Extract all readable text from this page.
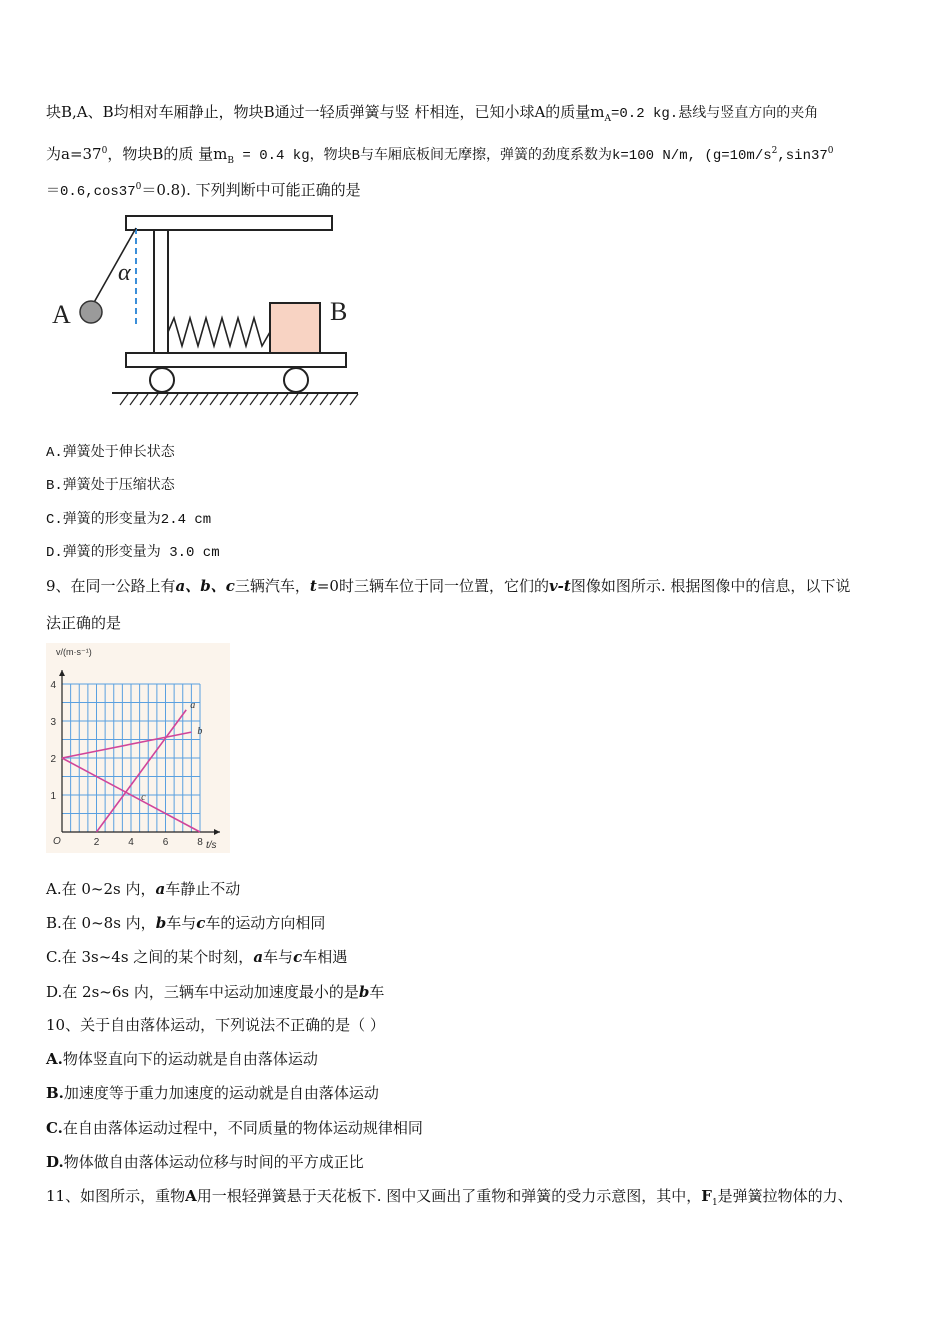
块B,A、B均相对车厢静止，物块B通过一轻质弹簧与竖 杆相连，已知小球A的质量$m_A=0.2$ kg.悬线与竖直方向的夹角
为$a=37^0$，物块B的质 量$m_B = 0.4$ kg，物块B与车厢底板间无摩擦，弹簧的劲度系数为k=100 N/m, ($g=10m/s^2,\sin 37^0$
$=0.6,\cos 37^0=0.8$). 下列判断中可能正确的是
α
A	B
A.弹簧处于伸长状态
B.弹簧处于压缩状态
C.弹簧的形变量为2.4 cm
D.弹簧的形变量为 3.0 cm
9、在同一公路上有a、b、c三辆汽车，t=0时三辆车位于同一位置，它们的v-t图像如图所示. 根据图像中的信息，以下说
法正确的是
2	4	6	8
1
2
3
4
O
v/(m·s⁻¹)
t/s
a
b
c
A.在 0~2s 内，a车静止不动
B.在 0~8s 内，b车与c车的运动方向相同
C.在 3s~4s 之间的某个时刻，a车与c车相遇
D.在 2s~6s 内，三辆车中运动加速度最小的是b车
10、关于自由落体运动，下列说法不正确的是（ ）
A.物体竖直向下的运动就是自由落体运动
B.加速度等于重力加速度的运动就是自由落体运动
C.在自由落体运动过程中，不同质量的物体运动规律相同
D.物体做自由落体运动位移与时间的平方成正比
11、如图所示，重物A用一根轻弹簧悬于天花板下. 图中又画出了重物和弹簧的受力示意图，其中，$F_1$是弹簧拉物体的力、
